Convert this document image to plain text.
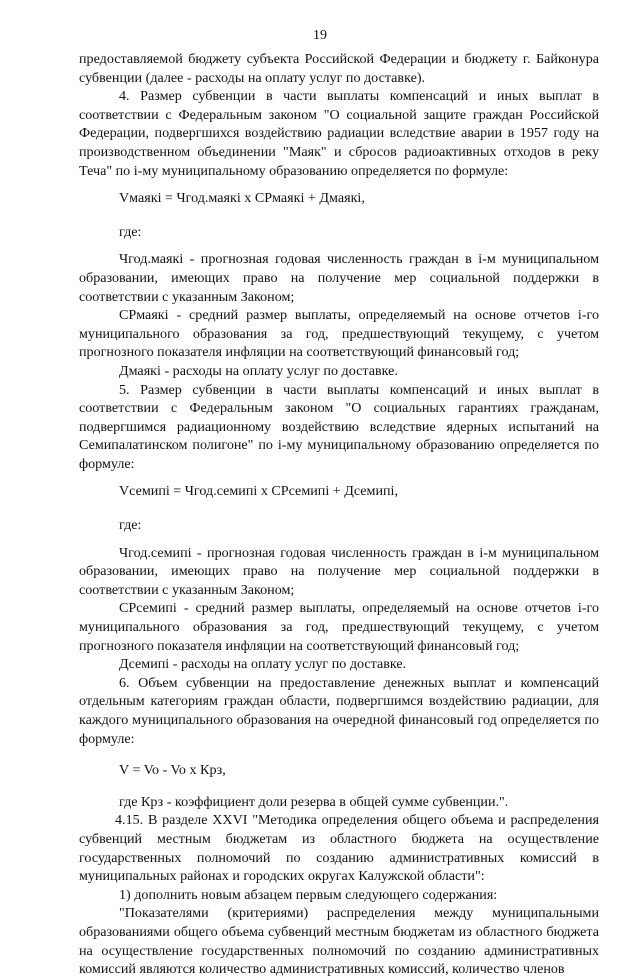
19

предоставляемой бюджету субъекта Российской Федерации и бюджету г. Байконура субвенции (далее - расходы на оплату услуг по доставке).

4. Размер субвенции в части выплаты компенсаций и иных выплат в соответствии с Федеральным законом "О социальной защите граждан Российской Федерации, подвергшихся воздействию радиации вследствие аварии в 1957 году на производственном объединении "Маяк" и сбросов радиоактивных отходов в реку Теча" по i-му муниципальному образованию определяется по формуле:

Vмаякі = Чгод.маякі х СРмаякі + Дмаякі,

где:

Чгод.маякі - прогнозная годовая численность граждан в i-м муниципальном образовании, имеющих право на получение мер социальной поддержки в соответствии с указанным Законом;

СРмаякі - средний размер выплаты, определяемый на основе отчетов i-го муниципального образования за год, предшествующий текущему, с учетом прогнозного показателя инфляции на соответствующий финансовый год;

Дмаякі - расходы на оплату услуг по доставке.

5. Размер субвенции в части выплаты компенсаций и иных выплат в соответствии с Федеральным законом "О социальных гарантиях гражданам, подвергшимся радиационному воздействию вследствие ядерных испытаний на Семипалатинском полигоне" по i-му муниципальному образованию определяется по формуле:

Vсемипі = Чгод.семипі х СРсемипі + Дсемипі,

где:

Чгод.семипі - прогнозная годовая численность граждан в i-м муниципальном образовании, имеющих право на получение мер социальной поддержки в соответствии с указанным Законом;

СРсемипі - средний размер выплаты, определяемый на основе отчетов i-го муниципального образования за год, предшествующий текущему, с учетом прогнозного показателя инфляции на соответствующий финансовый год;

Дсемипі - расходы на оплату услуг по доставке.

6. Объем субвенции на предоставление денежных выплат и компенсаций отдельным категориям граждан области, подвергшимся воздействию радиации, для каждого муниципального образования на очередной финансовый год определяется по формуле:

V = Vo - Vo х Крз,

где Крз - коэффициент доли резерва в общей сумме субвенции.".

4.15. В разделе XXVI "Методика определения общего объема и распределения субвенций местным бюджетам из областного бюджета на осуществление государственных полномочий по созданию административных комиссий в муниципальных районах и городских округах Калужской области":

1) дополнить новым абзацем первым следующего содержания:

"Показателями (критериями) распределения между муниципальными образованиями общего объема субвенций местным бюджетам из областного бюджета на осуществление государственных полномочий по созданию административных комиссий являются количество административных комиссий, количество членов
